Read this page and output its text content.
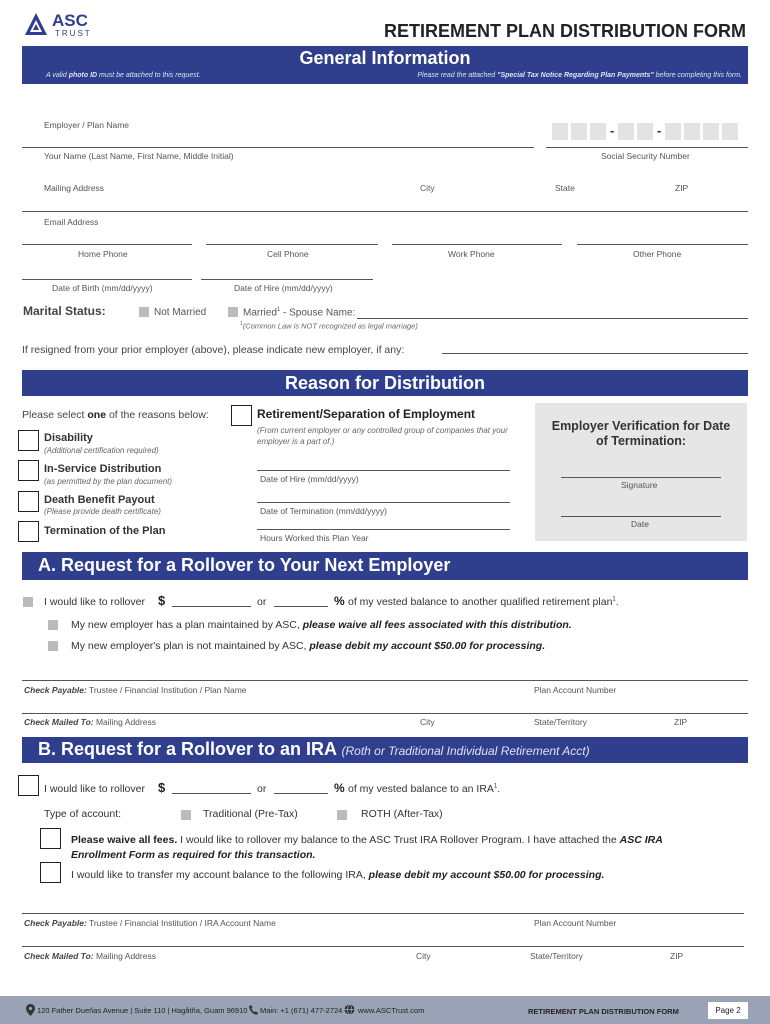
ASC
TRUST	RETIREMENT PLAN DISTRIBUTION FORM
General Information
A valid photo ID must be attached to this request.	Please read the attached "Special Tax Notice Regarding Plan Payments" before completing this form.
Employer / Plan Name	-	-
Your Name (Last Name, First Name, Middle Initial)	Social Security Number
Mailing Address	City	State	ZIP
Email Address
Home Phone	Cell Phone	Work Phone	Other Phone
Date of Birth (mm/dd/yyyy)	Date of Hire (mm/dd/yyyy)
Marital Status:	Not Married	Married$^1$ - Spouse Name:
$^1$(Common Law is NOT recognized as legal marriage)
If resigned from your prior employer (above), please indicate new employer, if any:
Reason for Distribution
Please select one of the reasons below:
Disability
(Additional certification required)
In-Service Distribution
(as permitted by the plan document)
Death Benefit Payout
(Please provide death certificate)
Termination of the Plan
Retirement/Separation of Employment
(From current employer or any controlled group of companies that your employer is a part of.)
Date of Hire (mm/dd/yyyy)
Date of Termination (mm/dd/yyyy)
Hours Worked this Plan Year
Employer Verification for Date of Termination:
Signature
Date
A. Request for a Rollover to Your Next Employer
I would like to rollover $	or	% of my vested balance to another qualified retirement plan$^1$.
My new employer has a plan maintained by ASC, please waive all fees associated with this distribution.
My new employer's plan is not maintained by ASC, please debit my account $50.00 for processing.
Check Payable: Trustee / Financial Institution / Plan Name	Plan Account Number
Check Mailed To: Mailing Address	City	State/Territory	ZIP
B. Request for a Rollover to an IRA (Roth or Traditional Individual Retirement Acct)
I would like to rollover $	or	% of my vested balance to an IRA$^1$.
Type of account:	Traditional (Pre-Tax)	ROTH (After-Tax)
Please waive all fees. I would like to rollover my balance to the ASC Trust IRA Rollover Program. I have attached the ASC IRA
Enrollment Form as required for this transaction.
I would like to transfer my account balance to the following IRA, please debit my account $50.00 for processing.
Check Payable: Trustee / Financial Institution / IRA Account Name	Plan Account Number
Check Mailed To: Mailing Address	City	State/Territory	ZIP
120 Father Dueñas Avenue | Suite 110 | Hagåtña, Guam 96910 Main: +1 (671) 477-2724 www.ASCTrust.com	RETIREMENT PLAN DISTRIBUTION FORM	Page 2
